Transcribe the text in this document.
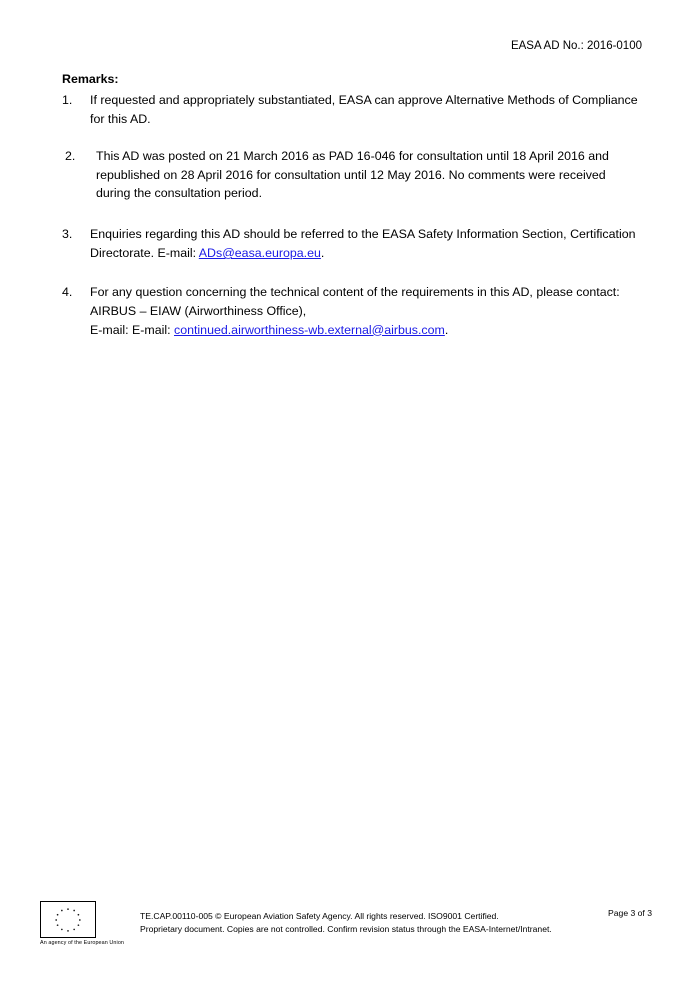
EASA AD No.: 2016-0100
Remarks:
1.	If requested and appropriately substantiated, EASA can approve Alternative Methods of Compliance for this AD.
2.	This AD was posted on 21 March 2016 as PAD 16-046 for consultation until 18 April 2016 and republished on 28 April 2016 for consultation until 12 May 2016. No comments were received during the consultation period.
3.	Enquiries regarding this AD should be referred to the EASA Safety Information Section, Certification Directorate. E-mail: ADs@easa.europa.eu.
4.	For any question concerning the technical content of the requirements in this AD, please contact: AIRBUS – EIAW (Airworthiness Office),
E-mail: E-mail: continued.airworthiness-wb.external@airbus.com.
An agency of the European Union
TE.CAP.00110-005 © European Aviation Safety Agency. All rights reserved. ISO9001 Certified.
Proprietary document. Copies are not controlled. Confirm revision status through the EASA-Internet/Intranet.
Page 3 of 3
